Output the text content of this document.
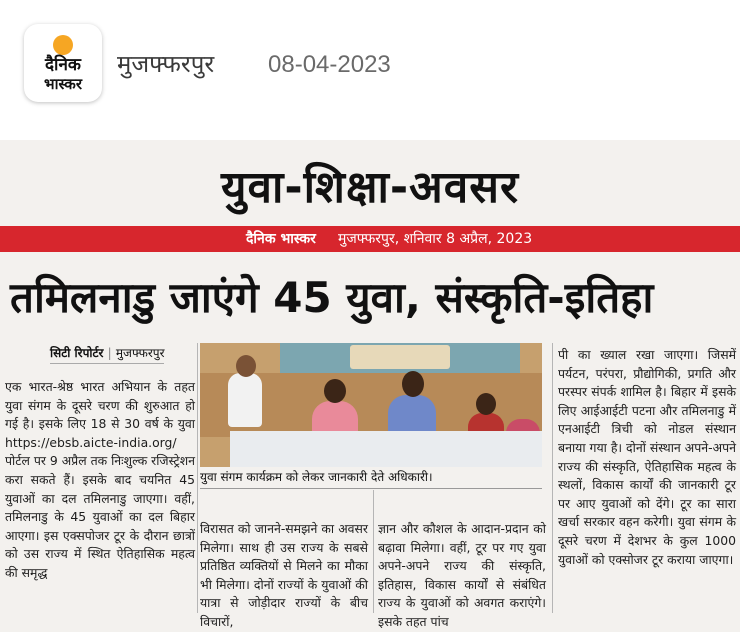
दैनिक
भास्कर
मुजफ्फरपुर 08-04-2023
युवा-शिक्षा-अवसर
दैनिक भास्कर मुजफ्फरपुर, शनिवार 8 अप्रैल, 2023
तमिलनाडु जाएंगे 45 युवा, संस्कृति-इतिहा
सिटी रिपोर्टर | मुजफ्फरपुर
एक भारत-श्रेष्ठ भारत अभियान के तहत युवा संगम के दूसरे चरण की शुरुआत हो गई है। इसके लिए 18 से 30 वर्ष के युवा https://ebsb.aicte-india.org/ पोर्टल पर 9 अप्रैल तक निःशुल्क रजिस्ट्रेशन करा सकते हैं। इसके बाद चयनित 45 युवाओं का दल तमिलनाडु जाएगा। वहीं, तमिलनाडु के 45 युवाओं का दल बिहार आएगा। इस एक्सपोजर टूर के दौरान छात्रों को उस राज्य में स्थित ऐतिहासिक महत्व की समृद्ध
युवा संगम कार्यक्रम को लेकर जानकारी देते अधिकारी।
विरासत को जानने-समझने का अवसर मिलेगा। साथ ही उस राज्य के सबसे प्रतिष्ठित व्यक्तियों से मिलने का मौका भी मिलेगा। दोनों राज्यों के युवाओं की यात्रा से जोड़ीदार राज्यों के बीच विचारों,
ज्ञान और कौशल के आदान-प्रदान को बढ़ावा मिलेगा। वहीं, टूर पर गए युवा अपने-अपने राज्य की संस्कृति, इतिहास, विकास कार्यों से संबंधित राज्य के युवाओं को अवगत कराएंगे। इसके तहत पांच
पी का ख्याल रखा जाएगा। जिसमें पर्यटन, परंपरा, प्रौद्योगिकी, प्रगति और परस्पर संपर्क शामिल है। बिहार में इसके लिए आईआईटी पटना और तमिलनाडु में एनआईटी त्रिची को नोडल संस्थान बनाया गया है। दोनों संस्थान अपने-अपने राज्य की संस्कृति, ऐतिहासिक महत्व के स्थलों, विकास कार्यों की जानकारी टूर पर आए युवाओं को देंगे। टूर का सारा खर्चा सरकार वहन करेगी। युवा संगम के दूसरे चरण में देशभर के कुल 1000 युवाओं को एक्सोजर टूर कराया जाएगा।
